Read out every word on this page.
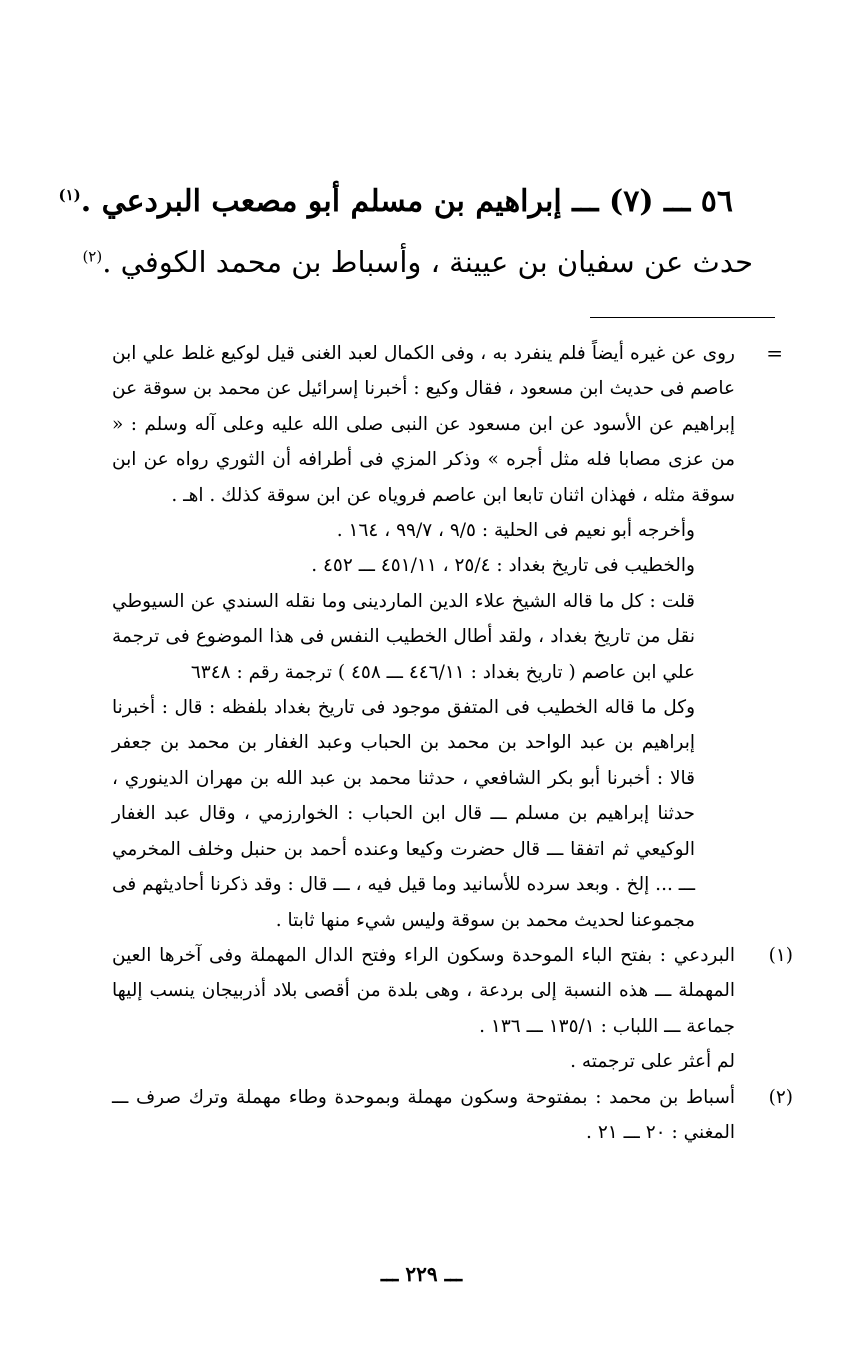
٥٦ ـــ (٧) ـــ إبراهيم بن مسلم أبو مصعب البردعي .$^{(١)}$
حدث عن سفيان بن عيينة ، وأسباط بن محمد الكوفي .$^{(٢)}$
=

روى عن غيره أيضاً فلم ينفرد به ، وفى الكمال لعبد الغنى قيل لوكيع غلط علي ابن عاصم فى حديث ابن مسعود ، فقال وكيع : أخبرنا إسرائيل عن محمد بن سوقة عن إبراهيم عن الأسود عن ابن مسعود عن النبى صلى الله عليه وعلى آله وسلم : « من عزى مصابا فله مثل أجره » وذكر المزي فى أطرافه أن الثوري رواه عن ابن سوقة مثله ، فهذان اثنان تابعا ابن عاصم فروياه عن ابن سوقة كذلك . اهـ .

وأخرجه أبو نعيم فى الحلية : ٩/٥ ، ٩٩/٧ ، ١٦٤ .

والخطيب فى تاريخ بغداد : ٢٥/٤ ، ٤٥١/١١ ـــ ٤٥٢ .

قلت : كل ما قاله الشيخ علاء الدين الماردينى وما نقله السندي عن السيوطي نقل من تاريخ بغداد ، ولقد أطال الخطيب النفس فى هذا الموضوع فى ترجمة علي ابن عاصم ( تاريخ بغداد : ٤٤٦/١١ ـــ ٤٥٨ ) ترجمة رقم : ٦٣٤٨

وكل ما قاله الخطيب فى المتفق موجود فى تاريخ بغداد بلفظه : قال : أخبرنا إبراهيم بن عبد الواحد بن محمد بن الحباب وعبد الغفار بن محمد بن جعفر قالا : أخبرنا أبو بكر الشافعي ، حدثنا محمد بن عبد الله بن مهران الدينوري ، حدثنا إبراهيم بن مسلم ـــ قال ابن الحباب : الخوارزمي ، وقال عبد الغفار الوكيعي ثم اتفقا ـــ قال حضرت وكيعا وعنده أحمد بن حنبل وخلف المخرمي ـــ ... إلخ . وبعد سرده للأسانيد وما قيل فيه ، ـــ قال : وقد ذكرنا أحاديثهم فى مجموعنا لحديث محمد بن سوقة وليس شيء منها ثابتا .

(١)

البردعي : بفتح الباء الموحدة وسكون الراء وفتح الدال المهملة وفى آخرها العين المهملة ـــ هذه النسبة إلى بردعة ، وهى بلدة من أقصى بلاد أذربيجان ينسب إليها جماعة ـــ اللباب : ١٣٥/١ ـــ ١٣٦ .

لم أعثر على ترجمته .

(٢)

أسباط بن محمد : بمفتوحة وسكون مهملة وبموحدة وطاء مهملة وترك صرف ـــ المغني : ٢٠ ـــ ٢١ .

ـــ ٢٢٩ ـــ
